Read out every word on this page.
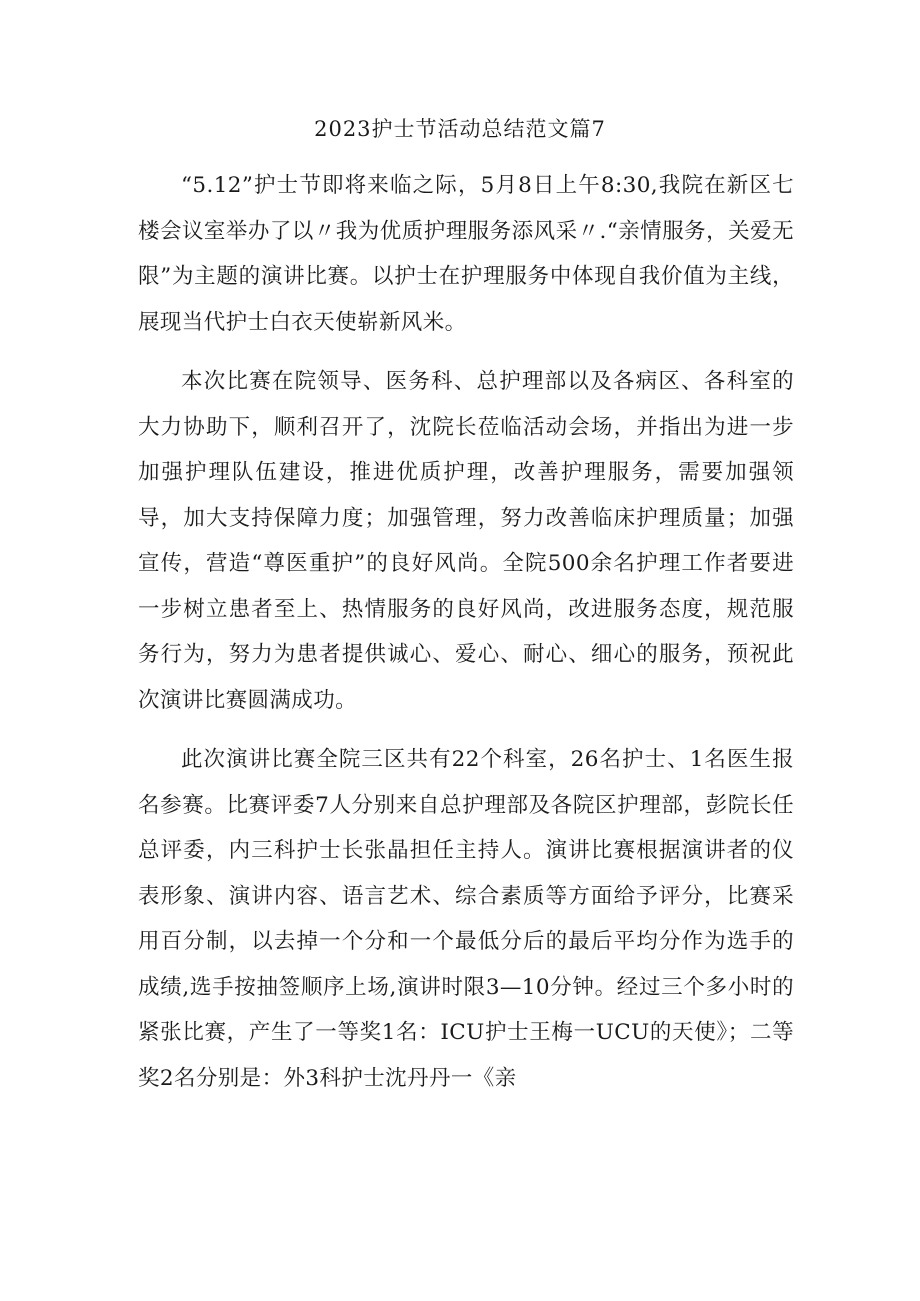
2023护士节活动总结范文篇7

“5.12”护士节即将来临之际，5月8日上午8:30,我院在新区七楼会议室举办了以〃我为优质护理服务添风采〃.“亲情服务，关爱无限”为主题的演讲比赛。以护士在护理服务中体现自我价值为主线，展现当代护士白衣天使崭新风米。

本次比赛在院领导、医务科、总护理部以及各病区、各科室的大力协助下，顺利召开了，沈院长莅临活动会场，并指出为进一步加强护理队伍建设，推进优质护理，改善护理服务，需要加强领导，加大支持保障力度；加强管理，努力改善临床护理质量；加强宣传，营造“尊医重护”的良好风尚。全院500余名护理工作者要进一步树立患者至上、热情服务的良好风尚，改进服务态度，规范服务行为，努力为患者提供诚心、爱心、耐心、细心的服务，预祝此次演讲比赛圆满成功。

此次演讲比赛全院三区共有22个科室，26名护士、1名医生报名参赛。比赛评委7人分别来自总护理部及各院区护理部，彭院长任总评委，内三科护士长张晶担任主持人。演讲比赛根据演讲者的仪表形象、演讲内容、语言艺术、综合素质等方面给予评分，比赛采用百分制，以去掉一个分和一个最低分后的最后平均分作为选手的成绩,选手按抽签顺序上场,演讲时限3—10分钟。经过三个多小时的紧张比赛，产生了一等奖1名：ICU护士王梅一UCU的天使》；二等奖2名分别是：外3科护士沈丹丹一《亲
